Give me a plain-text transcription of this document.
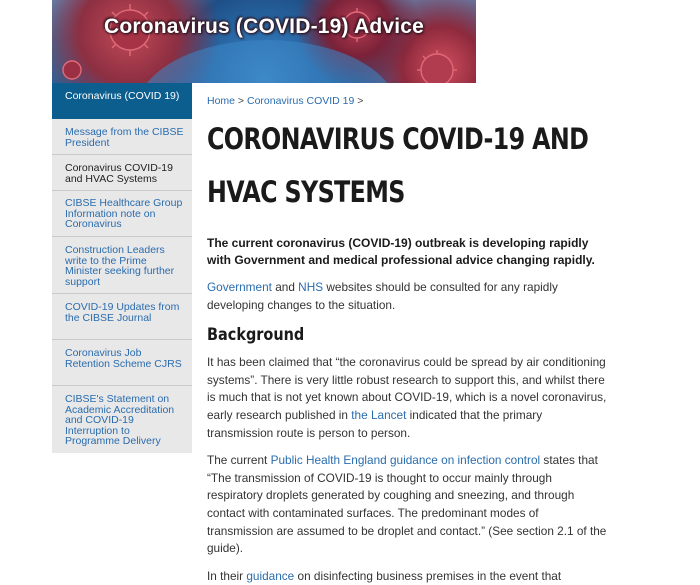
Coronavirus (COVID-19) Advice
Coronavirus (COVID 19)
Message from the CIBSE President
Coronavirus COVID-19 and HVAC Systems
CIBSE Healthcare Group Information note on Coronavirus
Construction Leaders write to the Prime Minister seeking further support
COVID-19 Updates from the CIBSE Journal
Coronavirus Job Retention Scheme CJRS
CIBSE's Statement on Academic Accreditation and COVID-19 Interruption to Programme Delivery
Home > Coronavirus COVID 19 >
CORONAVIRUS COVID-19 AND HVAC SYSTEMS

The current coronavirus (COVID-19) outbreak is developing rapidly with Government and medical professional advice changing rapidly.

Government and NHS websites should be consulted for any rapidly developing changes to the situation.

Background

It has been claimed that “the coronavirus could be spread by air conditioning systems”. There is very little robust research to support this, and whilst there is much that is not yet known about COVID-19, which is a novel coronavirus, early research published in the Lancet indicated that the primary transmission route is person to person.

The current Public Health England guidance on infection control states that “The transmission of COVID-19 is thought to occur mainly through respiratory droplets generated by coughing and sneezing, and through contact with contaminated surfaces. The predominant modes of transmission are assumed to be droplet and contact.” (See section 2.1 of the guide).

In their guidance on disinfecting business premises in the event that
